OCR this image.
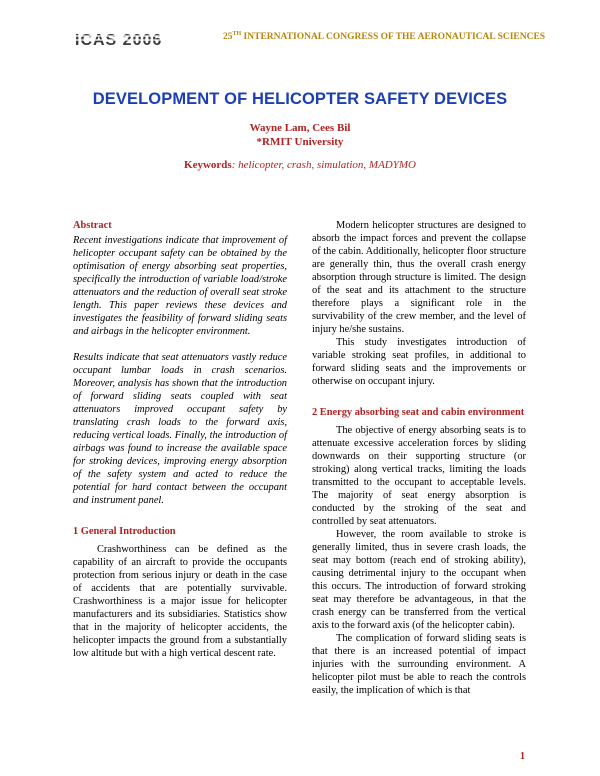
ICAS 2006	25TH INTERNATIONAL CONGRESS OF THE AERONAUTICAL SCIENCES
DEVELOPMENT OF HELICOPTER SAFETY DEVICES
Wayne Lam, Cees Bil
*RMIT University
Keywords: helicopter, crash, simulation, MADYMO
Abstract

Recent investigations indicate that improvement of helicopter occupant safety can be obtained by the optimisation of energy absorbing seat properties, specifically the introduction of variable load/stroke attenuators and the reduction of overall seat stroke length. This paper reviews these devices and investigates the feasibility of forward sliding seats and airbags in the helicopter environment.

Results indicate that seat attenuators vastly reduce occupant lumbar loads in crash scenarios. Moreover, analysis has shown that the introduction of forward sliding seats coupled with seat attenuators improved occupant safety by translating crash loads to the forward axis, reducing vertical loads. Finally, the introduction of airbags was found to increase the available space for stroking devices, improving energy absorption of the safety system and acted to reduce the potential for hard contact between the occupant and instrument panel.

1 General Introduction

Crashworthiness can be defined as the capability of an aircraft to provide the occupants protection from serious injury or death in the case of accidents that are potentially survivable. Crashworthiness is a major issue for helicopter manufacturers and its subsidiaries. Statistics show that in the majority of helicopter accidents, the helicopter impacts the ground from a substantially low altitude but with a high vertical descent rate.

Modern helicopter structures are designed to absorb the impact forces and prevent the collapse of the cabin. Additionally, helicopter floor structure are generally thin, thus the overall crash energy absorption through structure is limited. The design of the seat and its attachment to the structure therefore plays a significant role in the survivability of the crew member, and the level of injury he/she sustains.

This study investigates introduction of variable stroking seat profiles, in additional to forward sliding seats and the improvements or otherwise on occupant injury.

2 Energy absorbing seat and cabin environment

The objective of energy absorbing seats is to attenuate excessive acceleration forces by sliding downwards on their supporting structure (or stroking) along vertical tracks, limiting the loads transmitted to the occupant to acceptable levels. The majority of seat energy absorption is conducted by the stroking of the seat and controlled by seat attenuators.

However, the room available to stroke is generally limited, thus in severe crash loads, the seat may bottom (reach end of stroking ability), causing detrimental injury to the occupant when this occurs. The introduction of forward stroking seat may therefore be advantageous, in that the crash energy can be transferred from the vertical axis to the forward axis (of the helicopter cabin).

The complication of forward sliding seats is that there is an increased potential of impact injuries with the surrounding environment. A helicopter pilot must be able to reach the controls easily, the implication of which is that

1
